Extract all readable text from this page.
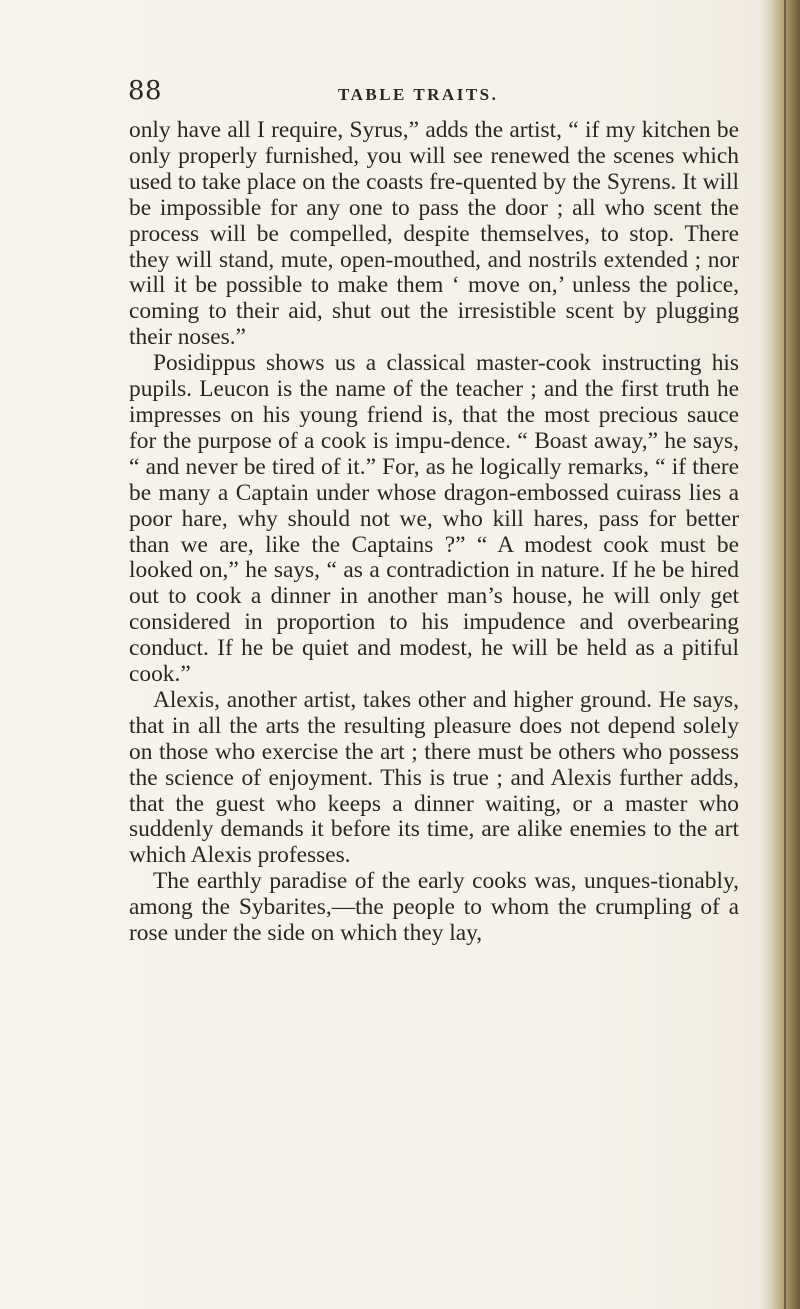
88	TABLE TRAITS.

only have all I require, Syrus,” adds the artist, “ if my kitchen be only properly furnished, you will see renewed the scenes which used to take place on the coasts fre-quented by the Syrens. It will be impossible for any one to pass the door ; all who scent the process will be compelled, despite themselves, to stop. There they will stand, mute, open-mouthed, and nostrils extended ; nor will it be possible to make them ‘ move on,’ unless the police, coming to their aid, shut out the irresistible scent by plugging their noses.”

Posidippus shows us a classical master-cook instructing his pupils. Leucon is the name of the teacher ; and the first truth he impresses on his young friend is, that the most precious sauce for the purpose of a cook is impu-dence. “ Boast away,” he says, “ and never be tired of it.” For, as he logically remarks, “ if there be many a Captain under whose dragon-embossed cuirass lies a poor hare, why should not we, who kill hares, pass for better than we are, like the Captains ?” “ A modest cook must be looked on,” he says, “ as a contradiction in nature. If he be hired out to cook a dinner in another man’s house, he will only get considered in proportion to his impudence and overbearing conduct. If he be quiet and modest, he will be held as a pitiful cook.”

Alexis, another artist, takes other and higher ground. He says, that in all the arts the resulting pleasure does not depend solely on those who exercise the art ; there must be others who possess the science of enjoyment. This is true ; and Alexis further adds, that the guest who keeps a dinner waiting, or a master who suddenly demands it before its time, are alike enemies to the art which Alexis professes.

The earthly paradise of the early cooks was, unques-tionably, among the Sybarites,—the people to whom the crumpling of a rose under the side on which they lay,
